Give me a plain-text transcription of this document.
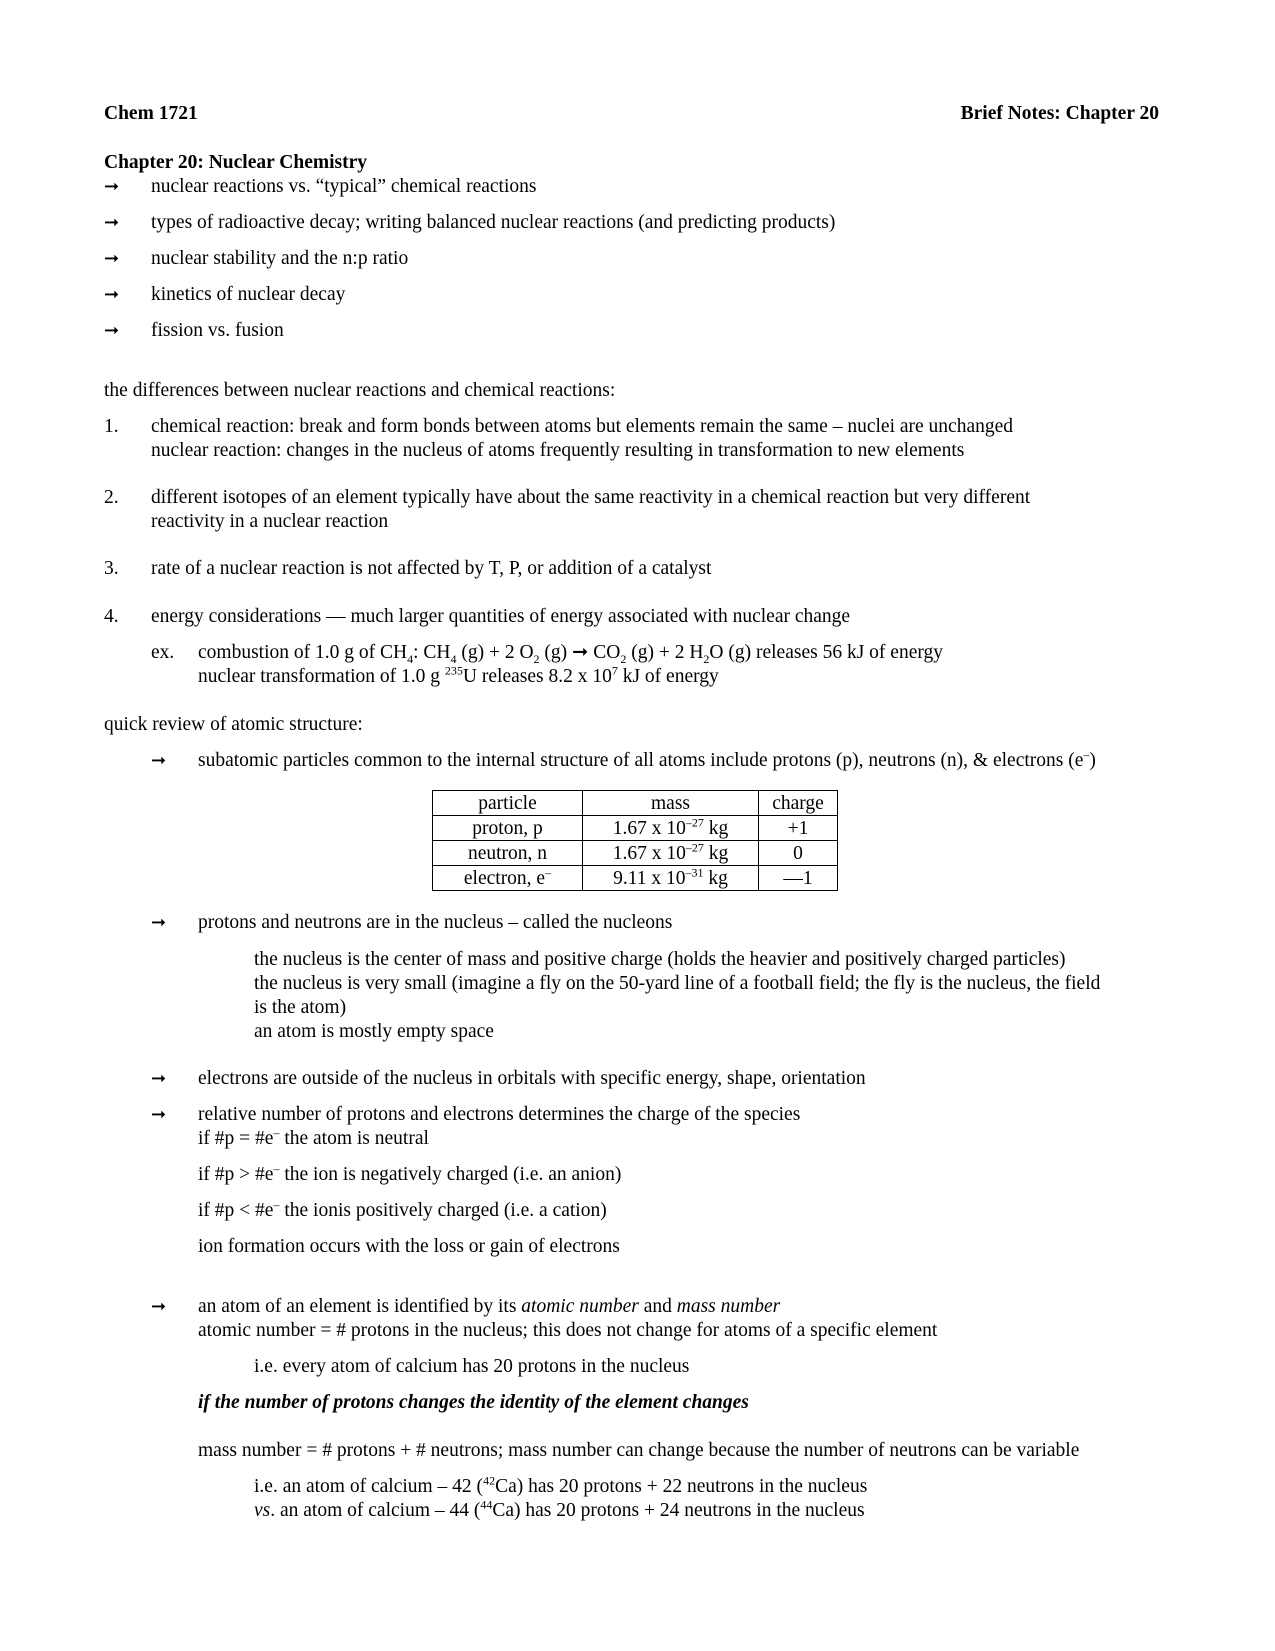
Chem 1721	Brief Notes: Chapter 20
Chapter 20: Nuclear Chemistry
➞ nuclear reactions vs. “typical” chemical reactions
➞ types of radioactive decay; writing balanced nuclear reactions (and predicting products)
➞ nuclear stability and the n:p ratio
➞ kinetics of nuclear decay
➞ fission vs. fusion
the differences between nuclear reactions and chemical reactions:
1. chemical reaction: break and form bonds between atoms but elements remain the same – nuclei are unchanged
nuclear reaction: changes in the nucleus of atoms frequently resulting in transformation to new elements
2. different isotopes of an element typically have about the same reactivity in a chemical reaction but very different
reactivity in a nuclear reaction
3. rate of a nuclear reaction is not affected by T, P, or addition of a catalyst
4. energy considerations — much larger quantities of energy associated with nuclear change
ex. combustion of 1.0 g of $CH_4$: $CH_4$ (g) + 2 $O_2$ (g) ➞ $CO_2$ (g) + 2 $H_2O$ (g) releases 56 kJ of energy
nuclear transformation of 1.0 g $^{235}$U releases 8.2 x $10^7$ kJ of energy
quick review of atomic structure:
➞ subatomic particles common to the internal structure of all atoms include protons (p), neutrons (n), & electrons (e–)
particle	mass	charge
proton, p	1.67 x $10^{-27}$ kg	+1
neutron, n	1.67 x $10^{-27}$ kg	0
electron, e–	9.11 x $10^{-31}$ kg	—1
➞ protons and neutrons are in the nucleus – called the nucleons
the nucleus is the center of mass and positive charge (holds the heavier and positively charged particles)
the nucleus is very small (imagine a fly on the 50-yard line of a football field; the fly is the nucleus, the field
is the atom)
an atom is mostly empty space
➞ electrons are outside of the nucleus in orbitals with specific energy, shape, orientation
➞ relative number of protons and electrons determines the charge of the species
if #p = #e– the atom is neutral
if #p > #e– the ion is negatively charged (i.e. an anion)
if #p < #e– the ionis positively charged (i.e. a cation)
ion formation occurs with the loss or gain of electrons
➞ an atom of an element is identified by its atomic number and mass number
atomic number = # protons in the nucleus; this does not change for atoms of a specific element
i.e. every atom of calcium has 20 protons in the nucleus
if the number of protons changes the identity of the element changes
mass number = # protons + # neutrons; mass number can change because the number of neutrons can be variable
i.e. an atom of calcium – 42 ($^{42}$Ca) has 20 protons + 22 neutrons in the nucleus
vs. an atom of calcium – 44 ($^{44}$Ca) has 20 protons + 24 neutrons in the nucleus
